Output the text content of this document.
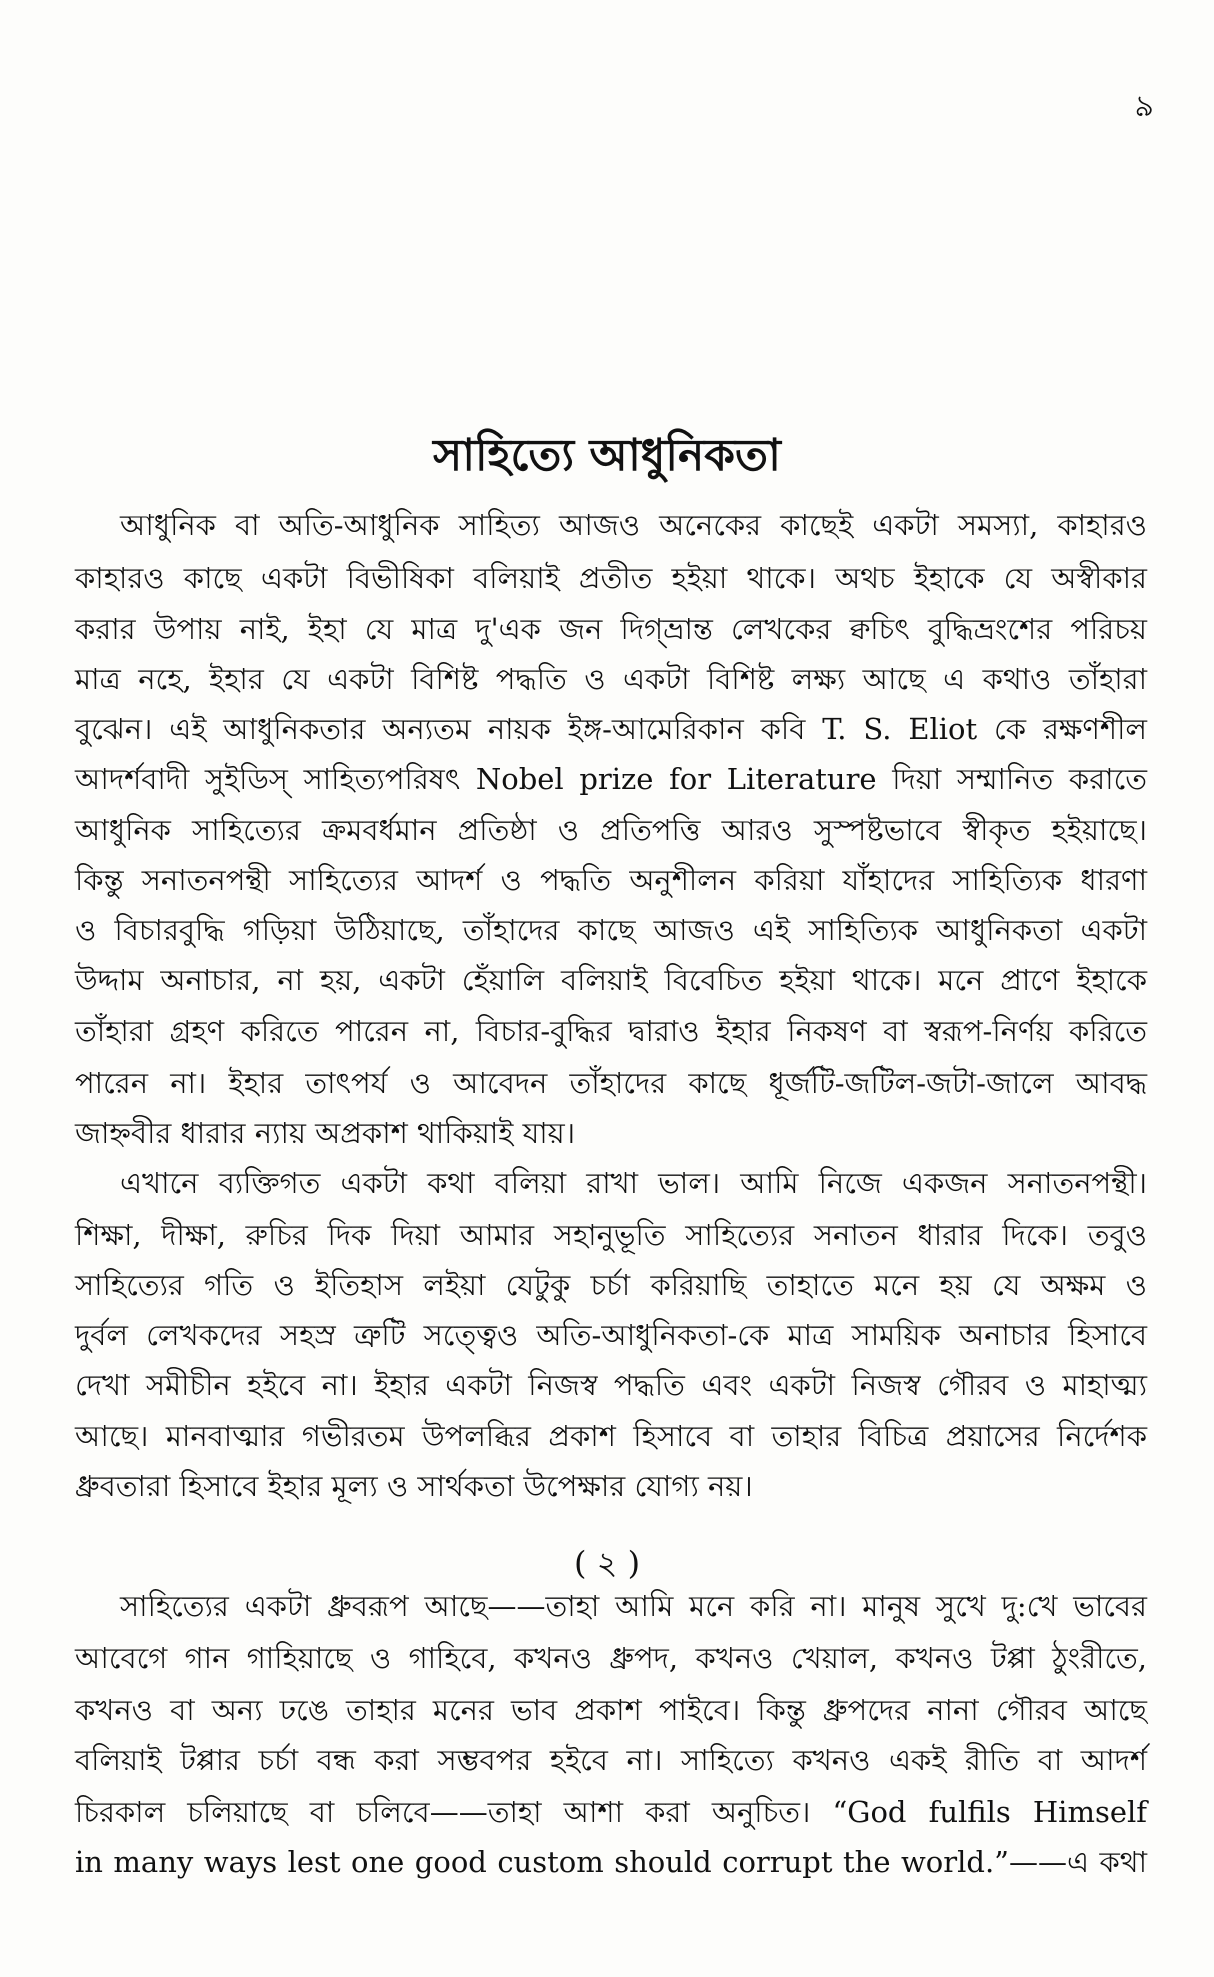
৯
সাহিত্যে আধুনিকতা
আধুনিক বা অতি-আধুনিক সাহিত্য আজও অনেকের কাছেই একটা সমস্যা, কাহারও
কাহারও কাছে একটা বিভীষিকা বলিয়াই প্রতীত হইয়া থাকে। অথচ ইহাকে যে অস্বীকার
করার উপায় নাই, ইহা যে মাত্র দু'এক জন দিগ্‌ভ্রান্ত লেখকের ক্বচিৎ বুদ্ধিভ্রংশের পরিচয়
মাত্র নহে, ইহার যে একটা বিশিষ্ট পদ্ধতি ও একটা বিশিষ্ট লক্ষ্য আছে এ কথাও তাঁহারা
বুঝেন। এই আধুনিকতার অন্যতম নায়ক ইঙ্গ-আমেরিকান কবি T. S. Eliot কে রক্ষণশীল
আদর্শবাদী সুইডিস্ সাহিত্যপরিষৎ Nobel prize for Literature দিয়া সম্মানিত করাতে
আধুনিক সাহিত্যের ক্রমবর্ধমান প্রতিষ্ঠা ও প্রতিপত্তি আরও সুস্পষ্টভাবে স্বীকৃত হইয়াছে।
কিন্তু সনাতনপন্থী সাহিত্যের আদর্শ ও পদ্ধতি অনুশীলন করিয়া যাঁহাদের সাহিত্যিক ধারণা
ও বিচারবুদ্ধি গড়িয়া উঠিয়াছে, তাঁহাদের কাছে আজও এই সাহিত্যিক আধুনিকতা একটা
উদ্দাম অনাচার, না হয়, একটা হেঁয়ালি বলিয়াই বিবেচিত হইয়া থাকে। মনে প্রাণে ইহাকে
তাঁহারা গ্রহণ করিতে পারেন না, বিচার-বুদ্ধির দ্বারাও ইহার নিকষণ বা স্বরূপ-নির্ণয় করিতে
পারেন না। ইহার তাৎপর্য ও আবেদন তাঁহাদের কাছে ধূর্জটি-জটিল-জটা-জালে আবদ্ধ
জাহ্নবীর ধারার ন্যায় অপ্রকাশ থাকিয়াই যায়।
এখানে ব্যক্তিগত একটা কথা বলিয়া রাখা ভাল। আমি নিজে একজন সনাতনপন্থী।
শিক্ষা, দীক্ষা, রুচির দিক দিয়া আমার সহানুভূতি সাহিত্যের সনাতন ধারার দিকে। তবুও
সাহিত্যের গতি ও ইতিহাস লইয়া যেটুকু চর্চা করিয়াছি তাহাতে মনে হয় যে অক্ষম ও
দুর্বল লেখকদের সহস্র ত্রুটি সত্ত্বেও অতি-আধুনিকতা-কে মাত্র সাময়িক অনাচার হিসাবে
দেখা সমীচীন হইবে না। ইহার একটা নিজস্ব পদ্ধতি এবং একটা নিজস্ব গৌরব ও মাহাত্ম্য
আছে। মানবাত্মার গভীরতম উপলব্ধির প্রকাশ হিসাবে বা তাহার বিচিত্র প্রয়াসের নির্দেশক
ধ্রুবতারা হিসাবে ইহার মূল্য ও সার্থকতা উপেক্ষার যোগ্য নয়।
( ২ )
সাহিত্যের একটা ধ্রুবরূপ আছে——তাহা আমি মনে করি না। মানুষ সুখে দু:খে ভাবের
আবেগে গান গাহিয়াছে ও গাহিবে, কখনও ধ্রুপদ, কখনও খেয়াল, কখনও টপ্পা ঠুংরীতে,
কখনও বা অন্য ঢঙে তাহার মনের ভাব প্রকাশ পাইবে। কিন্তু ধ্রুপদের নানা গৌরব আছে
বলিয়াই টপ্পার চর্চা বন্ধ করা সম্ভবপর হইবে না। সাহিত্যে কখনও একই রীতি বা আদর্শ
চিরকাল চলিয়াছে বা চলিবে——তাহা আশা করা অনুচিত। “God fulfils Himself
in many ways lest one good custom should corrupt the world.”——এ কথা
